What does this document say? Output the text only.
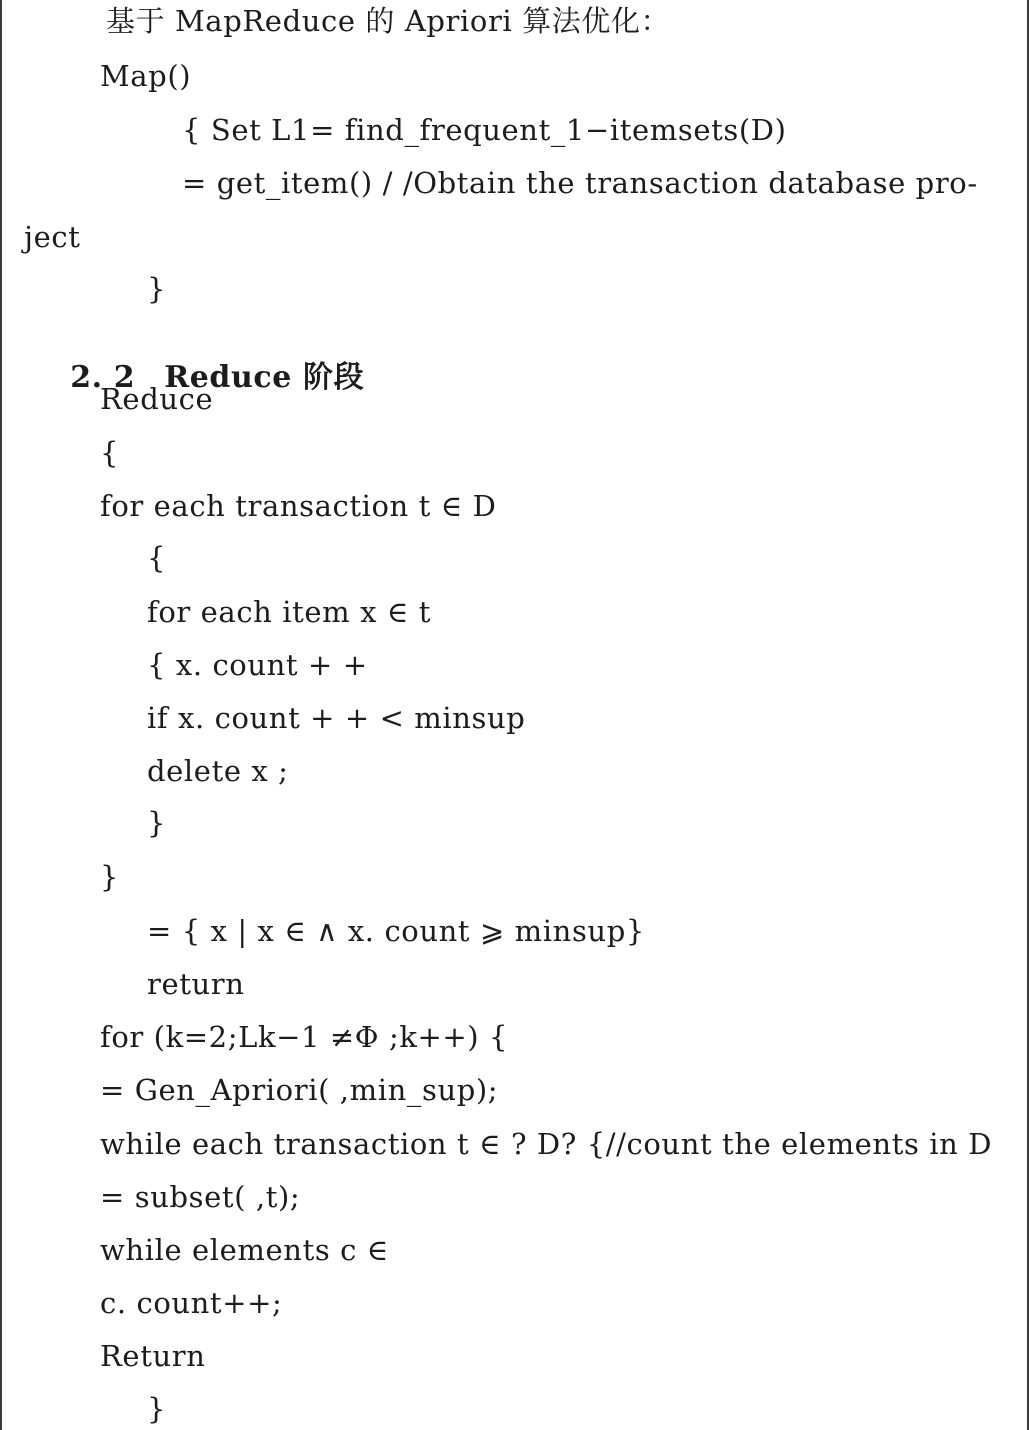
基于 MapReduce 的 Apriori 算法优化：
Map()
{ Set L1= find_frequent_1−itemsets(D)
= get_item() / /Obtain the transaction database pro-
ject
}

2. 2 Reduce 阶段

Reduce
{
for each transaction t ∈ D
{
for each item x ∈ t
{ x. count + +
if x. count + + < minsup
delete x ;
}
}
= { x | x ∈ ∧ x. count ⩾ minsup}
return
for (k=2;Lk−1 ≠Φ ;k++) {
= Gen_Apriori( ,min_sup);
while each transaction t ∈ ? D? {//count the elements in D
= subset( ,t);
while elements c ∈
c. count++;
Return
}
